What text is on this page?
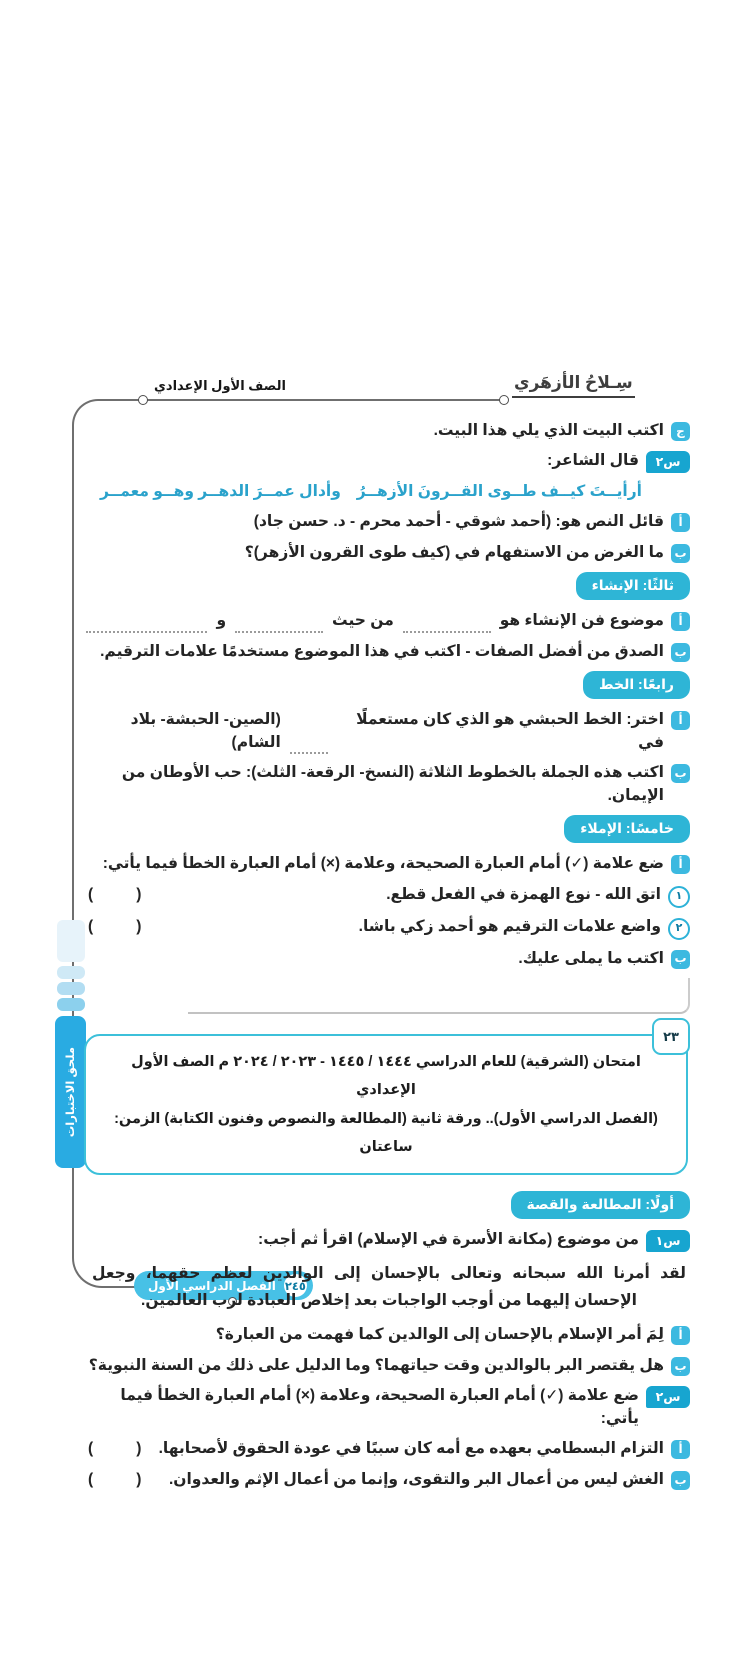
الصف الأول الإعدادي	سِـلاحُ الأزهَري
ملحق الاختبارات
٢٤٥
الفصل الدراسي الأول
ج
اكتب البيت الذي يلي هذا البيت.
س٢
قال الشاعر:
أرأيــتَ كيــف طــوى القــرونَ الأزهــرُ
وأدال عمــرَ الدهــر وهــو معمــر
أ
قائل النص هو: (أحمد شوقي - أحمد محرم - د. حسن جاد)
ب
ما الغرض من الاستفهام في (كيف طوى القرون الأزهر)؟
ثالثًا: الإنشاء
أ
موضوع فن الإنشاء هو
من حيث
و
ب
الصدق من أفضل الصفات - اكتب في هذا الموضوع مستخدمًا علامات الترقيم.
رابعًا: الخط
أ
اختر: الخط الحبشي هو الذي كان مستعملًا في
(الصين- الحبشة- بلاد الشام)
ب
اكتب هذه الجملة بالخطوط الثلاثة (النسخ- الرقعة- الثلث): حب الأوطان من الإيمان.
خامسًا: الإملاء
أ
ضع علامة (✓) أمام العبارة الصحيحة، وعلامة (×) أمام العبارة الخطأ فيما يأتي:
١
اتق الله - نوع الهمزة في الفعل قطع.
(          )
٢
واضع علامات الترقيم هو أحمد زكي باشا.
(          )
ب
اكتب ما يملى عليك.
٢٣
امتحان (الشرقية) للعام الدراسي ١٤٤٤ / ١٤٤٥ - ٢٠٢٣ / ٢٠٢٤ م الصف الأول الإعدادي
(الفصل الدراسي الأول).. ورقة ثانية (المطالعة والنصوص وفنون الكتابة) الزمن: ساعتان
أولًا: المطالعة والقصة
س١
من موضوع (مكانة الأسرة في الإسلام) اقرأ ثم أجب:
لقد أمرنا الله سبحانه وتعالى بالإحسان إلى الوالدين لعظم حقهما، وجعل الإحسان إليهما من أوجب الواجبات بعد إخلاص العبادة لرب العالمين.
أ
لِمَ أمر الإسلام بالإحسان إلى الوالدين كما فهمت من العبارة؟
ب
هل يقتصر البر بالوالدين وقت حياتهما؟ وما الدليل على ذلك من السنة النبوية؟
س٢
ضع علامة (✓) أمام العبارة الصحيحة، وعلامة (×) أمام العبارة الخطأ فيما يأتي:
أ
التزام البسطامي بعهده مع أمه كان سببًا في عودة الحقوق لأصحابها.
(          )
ب
الغش ليس من أعمال البر والتقوى، وإنما من أعمال الإثم والعدوان.
(          )
